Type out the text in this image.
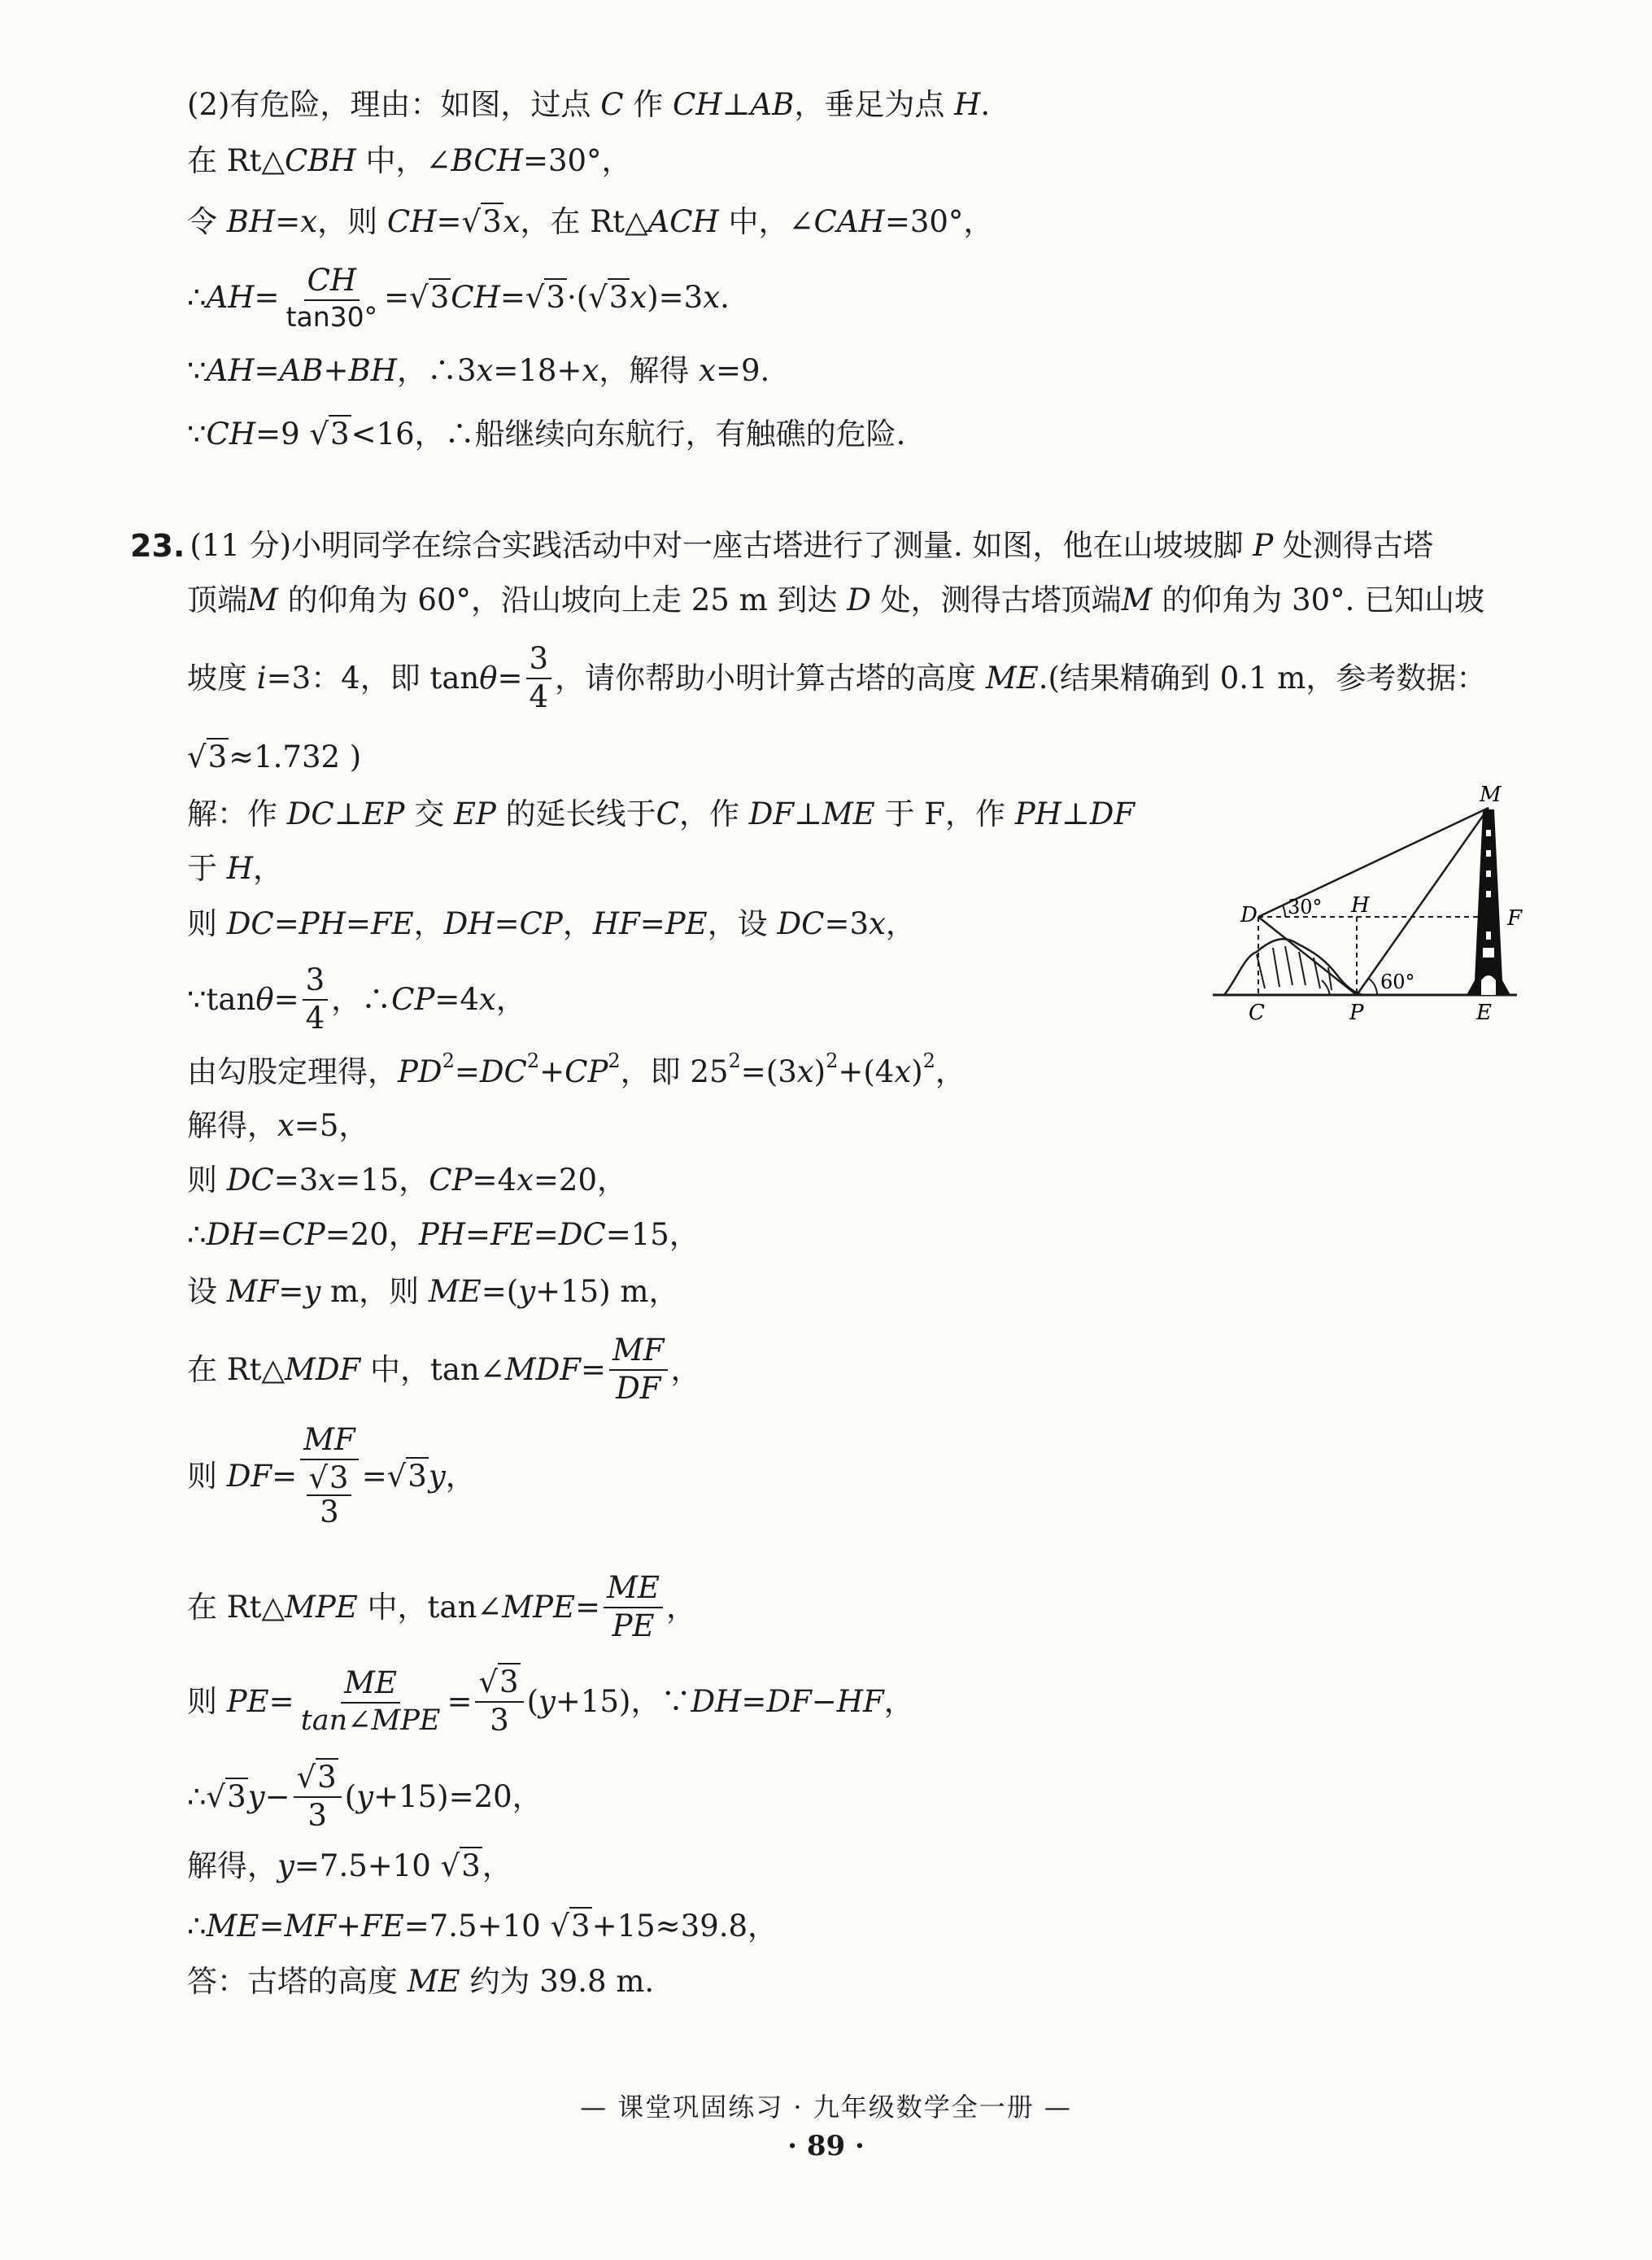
(2)有危险，理由：如图，过点
C
作
CH ⊥ AB ，垂足为点
H .
在 Rt△ CBH
中，∠ BCH =30°，
令
BH = x ，则
CH = √3 x ，在 Rt△ ACH
中，∠ CAH =30°，
∴ AH = $\frac{CH}{\tan 30^\circ} = √3$ CH = √3 ·( √3 x )=3 x .
∵ AH = AB + BH ，∴3 x =18+ x ，解得
x =9.
∵ CH =9
√3 <16，∴船继续向东航行，有触礁的危险.
23. (11 分)小明同学在综合实践活动中对一座古塔进行了测量. 如图，他在山坡坡脚
P
处测得古塔
顶端 M
的仰角为 60°，沿山坡向上走 25 m 到达
D
处，测得古塔顶端 M
的仰角为 30°. 已知山坡
坡度
i =3：4，即 $\tan \theta = \frac{3}{4}$ ，请你帮助小明计算古塔的高度
ME .(结果精确到 0.1 m，参考数据：
√3 ≈1.732 )
解：作
DC ⊥ EP
交
EP
的延长线于 C ，作
DF ⊥ ME
于
F ，作
PH ⊥ DF
于
H ，
则
DC = PH = FE ， DH = CP ， HF = PE ，设
DC =3 x ，
∵tan $\theta = \frac{3}{4}$ ，∴ CP =4 x ，
由勾股定理得， PD 2 = DC 2 + CP 2 ，即 25 2 =(3 x ) 2 +(4 x ) 2 ，
解得， x =5，
则
DC =3 x =15， CP =4 x =20，
∴ DH = CP =20， PH = FE = DC =15，
设
MF = y
m，则
ME =( y +15) m，
在 Rt△ MDF
中，tan∠ MDF = $\frac{MF}{DF}$ ，
则
DF = MF
√3
3 = √3 y ，
在 Rt△ MPE
中，tan∠ MPE = $\frac{ME}{PE}$ ，
则
PE = $\frac{ME}{\text{tan∠MPE}} = \frac{√3}{3}$ ( y +15)，∵ DH = DF − HF ，
∴ √3 $y - \frac{√3}{3}$ ( y +15)=20，
解得， y =7.5+10
√3 ，
∴ ME = MF + FE =7.5+10
√3 +15≈39.8，
答：古塔的高度
ME
约为 39.8 m.
M
D	H
F
C	P	E
30°
60°
— 课堂巩固练习 · 九年级数学全一册 —
· 89 ·
